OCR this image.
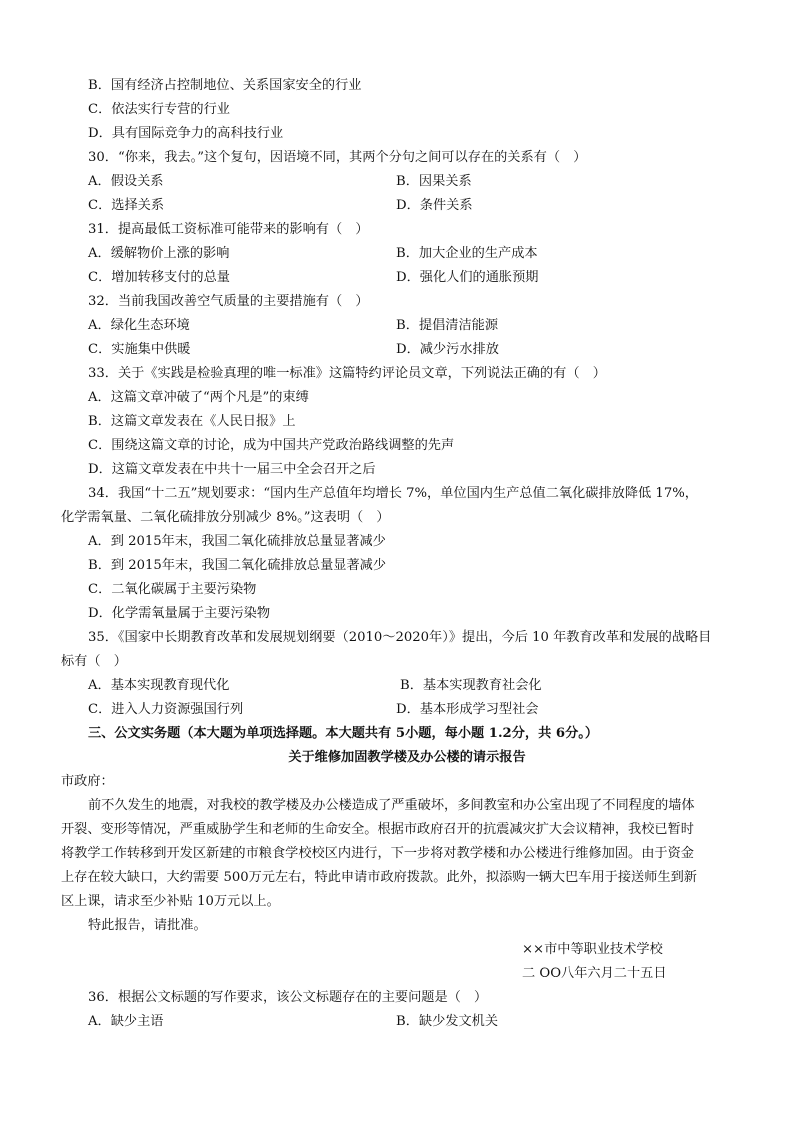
B．国有经济占控制地位、关系国家安全的行业
C．依法实行专营的行业
D．具有国际竞争力的高科技行业
30．“你来，我去。”这个复句，因语境不同，其两个分句之间可以存在的关系有（　）
A．假设关系	B．因果关系
C．选择关系	D．条件关系
31．提高最低工资标准可能带来的影响有（　）
A．缓解物价上涨的影响	B．加大企业的生产成本
C．增加转移支付的总量	D．强化人们的通胀预期
32．当前我国改善空气质量的主要措施有（　）
A．绿化生态环境	B．提倡清洁能源
C．实施集中供暖	D．减少污水排放
33．关于《实践是检验真理的唯一标准》这篇特约评论员文章，下列说法正确的有（　）
A．这篇文章冲破了“两个凡是”的束缚
B．这篇文章发表在《人民日报》上
C．围绕这篇文章的讨论，成为中国共产党政治路线调整的先声
D．这篇文章发表在中共十一届三中全会召开之后
34．我国“十二五”规划要求：“国内生产总值年均增长 7%，单位国内生产总值二氧化碳排放降低 17%，
化学需氧量、二氧化硫排放分别减少 8%。”这表明（　）
A．到 2015年末，我国二氧化硫排放总量显著减少
B．到 2015年末，我国二氧化硫排放总量显著减少
C．二氧化碳属于主要污染物
D．化学需氧量属于主要污染物
35．《国家中长期教育改革和发展规划纲要（2010～2020年）》提出，今后 10 年教育改革和发展的战略目
标有（　）
A．基本实现教育现代化	B．基本实现教育社会化
C．进入人力资源强国行列	D．基本形成学习型社会
三、公文实务题（本大题为单项选择题。本大题共有 5小题，每小题 1.2分，共 6分。）
关于维修加固教学楼及办公楼的请示报告
市政府：
前不久发生的地震，对我校的教学楼及办公楼造成了严重破坏，多间教室和办公室出现了不同程度的墙体
开裂、变形等情况，严重威胁学生和老师的生命安全。根据市政府召开的抗震减灾扩大会议精神，我校已暂时
将教学工作转移到开发区新建的市粮食学校校区内进行，下一步将对教学楼和办公楼进行维修加固。由于资金
上存在较大缺口，大约需要 500万元左右，特此申请市政府拨款。此外，拟添购一辆大巴车用于接送师生到新
区上课，请求至少补贴 10万元以上。
特此报告，请批准。
××市中等职业技术学校
二 OO八年六月二十五日
36．根据公文标题的写作要求，该公文标题存在的主要问题是（　）
A．缺少主语	B．缺少发文机关
